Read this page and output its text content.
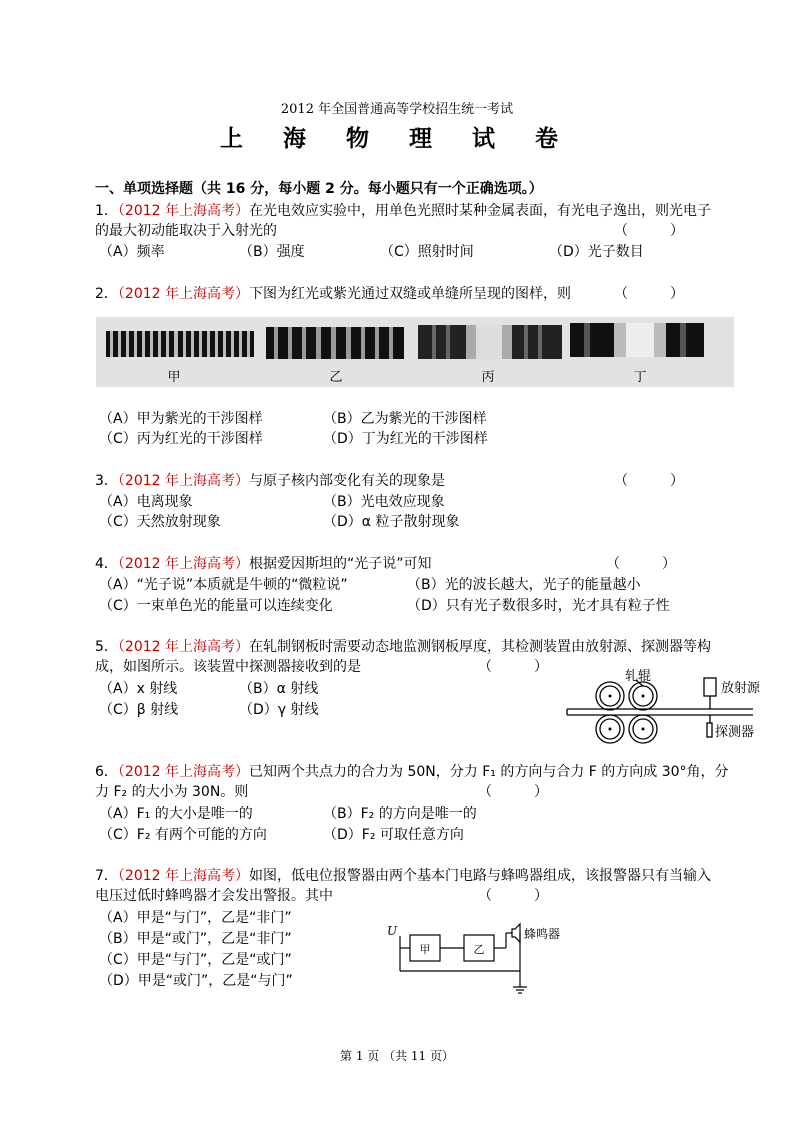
2012 年全国普通高等学校招生统一考试
上 海 物 理 试 卷
一、单项选择题（共 16 分，每小题 2 分。每小题只有一个正确选项。）
1．（2012 年上海高考）在光电效应实验中，用单色光照时某种金属表面，有光电子逸出，则光电子
的最大初动能取决于入射光的	（　　　）
（A）频率	（B）强度	（C）照射时间	（D）光子数目
2．（2012 年上海高考）下图为红光或紫光通过双缝或单缝所呈现的图样，则	（　　　）
甲	乙	丙	丁
（A）甲为紫光的干涉图样	（B）乙为紫光的干涉图样
（C）丙为红光的干涉图样	（D）丁为红光的干涉图样
3．（2012 年上海高考）与原子核内部变化有关的现象是	（　　　）
（A）电离现象	（B）光电效应现象
（C）天然放射现象	（D）α 粒子散射现象
4．（2012 年上海高考）根据爱因斯坦的“光子说”可知	（　　　）
（A）“光子说”本质就是牛顿的“微粒说”	（B）光的波长越大，光子的能量越小
（C）一束单色光的能量可以连续变化	（D）只有光子数很多时，光才具有粒子性
5．（2012 年上海高考）在轧制钢板时需要动态地监测钢板厚度，其检测装置由放射源、探测器等构
成，如图所示。该装置中探测器接收到的是	（　　　）
（A）x 射线	（B）α 射线
（C）β 射线	（D）γ 射线
轧辊
放射源
探测器
6．（2012 年上海高考）已知两个共点力的合力为 50N，分力 F₁ 的方向与合力 F 的方向成 30°角，分
力 F₂ 的大小为 30N。则	（　　　）
（A）F₁ 的大小是唯一的	（B）F₂ 的方向是唯一的
（C）F₂ 有两个可能的方向	（D）F₂ 可取任意方向
7．（2012 年上海高考）如图，低电位报警器由两个基本门电路与蜂鸣器组成，该报警器只有当输入
电压过低时蜂鸣器才会发出警报。其中	（　　　）
（A）甲是“与门”，乙是“非门”
（B）甲是“或门”，乙是“非门”
（C）甲是“与门”，乙是“或门”
（D）甲是“或门”，乙是“与门”
U
甲	乙
蜂鸣器
第 1 页 （共 11 页）
